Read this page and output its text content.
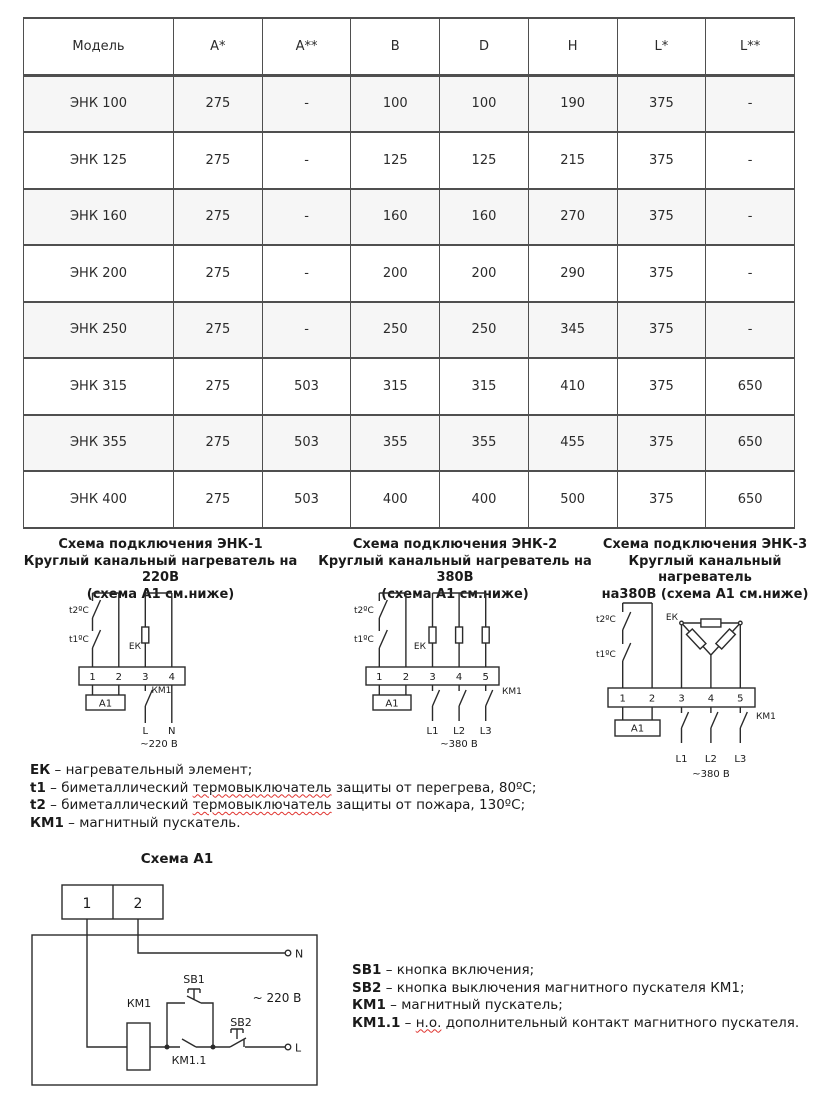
Модель	A*	A**	B	D	H	L*	L**
ЭНК 100	275	-	100	100	190	375	-
ЭНК 125	275	-	125	125	215	375	-
ЭНК 160	275	-	160	160	270	375	-
ЭНК 200	275	-	200	200	290	375	-
ЭНК 250	275	-	250	250	345	375	-
ЭНК 315	275	503	315	315	410	375	650
ЭНК 355	275	503	355	355	455	375	650
ЭНК 400	275	503	400	400	500	375	650
Схема подключения ЭНК-1
Круглый канальный нагреватель на 220В
(схема А1 см.ниже)
Схема подключения ЭНК-2
Круглый канальный нагреватель на 380В
(схема А1 см.ниже)
Схема подключения ЭНК-3
Круглый канальный нагреватель
на380В (схема А1 см.ниже)
t2ºC
t1ºC
ЕК
1 2 3 4
А1
КМ1
L N
~220 В
t2ºC
t1ºC
ЕК
1 2 3 4 5
А1
КМ1
L1 L2 L3
~380 В
t2ºC
t1ºC
ЕК
1 2 3 4 5
А1
КМ1
L1 L2 L3
~380 В
ЕК – нагревательный элемент;
t1 – биметаллический термовыключатель защиты от перегрева, 80ºС;
t2 – биметаллический термовыключатель защиты от пожара, 130ºС;
КМ1 – магнитный пускатель.
Схема А1
1	2
N
L
SB1
SB2
КМ1
КМ1.1
~ 220 В
SB1 – кнопка включения;
SB2 – кнопка выключения магнитного пускателя КМ1;
КМ1 – магнитный пускатель;
КМ1.1 – н.о. дополнительный контакт магнитного пускателя.
